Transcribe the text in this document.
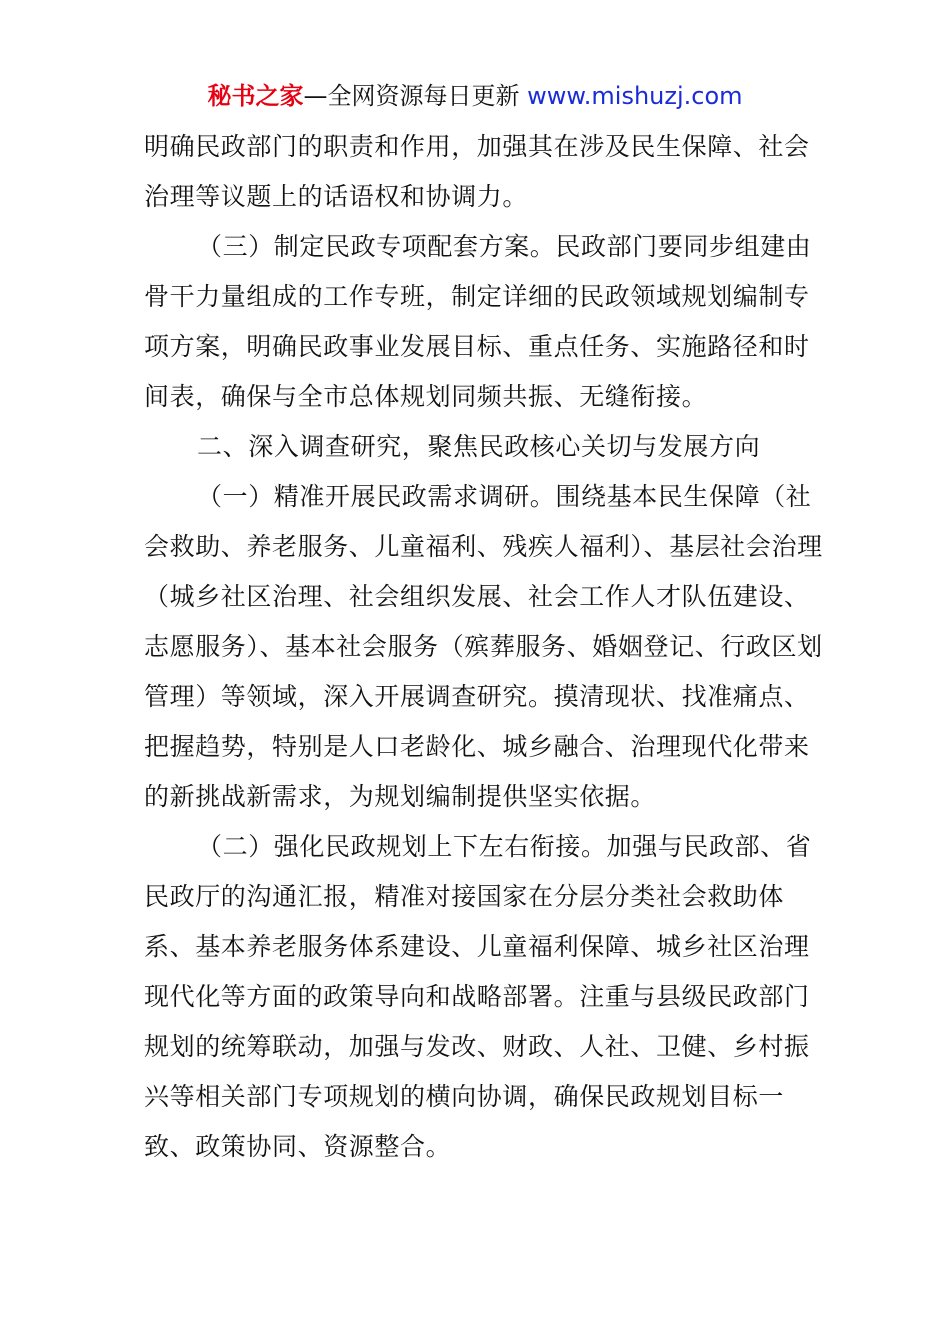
秘书之家—全网资源每日更新 www.mishuzj.com

明确民政部门的职责和作用，加强其在涉及民生保障、社会治理等议题上的话语权和协调力。

（三）制定民政专项配套方案。民政部门要同步组建由骨干力量组成的工作专班，制定详细的民政领域规划编制专项方案，明确民政事业发展目标、重点任务、实施路径和时间表，确保与全市总体规划同频共振、无缝衔接。

二、深入调查研究，聚焦民政核心关切与发展方向

（一）精准开展民政需求调研。围绕基本民生保障（社会救助、养老服务、儿童福利、残疾人福利）、基层社会治理（城乡社区治理、社会组织发展、社会工作人才队伍建设、志愿服务）、基本社会服务（殡葬服务、婚姻登记、行政区划管理）等领域，深入开展调查研究。摸清现状、找准痛点、把握趋势，特别是人口老龄化、城乡融合、治理现代化带来的新挑战新需求，为规划编制提供坚实依据。

（二）强化民政规划上下左右衔接。加强与民政部、省民政厅的沟通汇报，精准对接国家在分层分类社会救助体系、基本养老服务体系建设、儿童福利保障、城乡社区治理现代化等方面的政策导向和战略部署。注重与县级民政部门规划的统筹联动，加强与发改、财政、人社、卫健、乡村振兴等相关部门专项规划的横向协调，确保民政规划目标一致、政策协同、资源整合。
